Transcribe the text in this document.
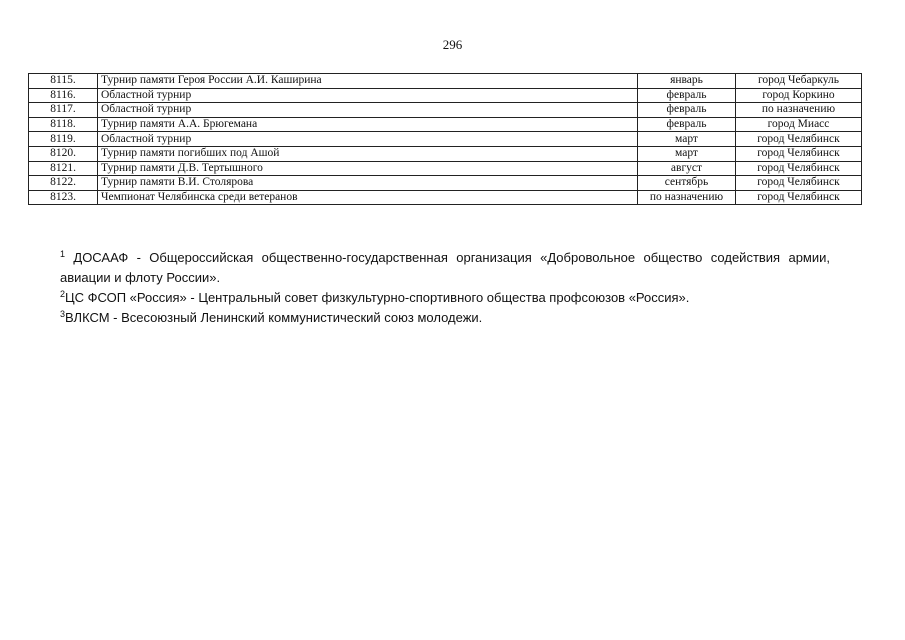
296
8115.	Турнир памяти Героя России А.И. Каширина	январь	город Чебаркуль
8116.	Областной турнир	февраль	город Коркино
8117.	Областной турнир	февраль	по назначению
8118.	Турнир памяти А.А. Брюгемана	февраль	город Миасс
8119.	Областной турнир	март	город Челябинск
8120.	Турнир памяти погибших под Ашой	март	город Челябинск
8121.	Турнир памяти Д.В. Тертышного	август	город Челябинск
8122.	Турнир памяти В.И. Столярова	сентябрь	город Челябинск
8123.	Чемпионат Челябинска среди ветеранов	по назначению	город Челябинск

$^1$ ДОСААФ - Общероссийская общественно-государственная организация «Добровольное общество содействия армии, авиации и флоту России».

$^2$ЦС ФСОП «Россия» - Центральный совет физкультурно-спортивного общества профсоюзов «Россия».

$^3$ВЛКСМ - Всесоюзный Ленинский коммунистический союз молодежи.
